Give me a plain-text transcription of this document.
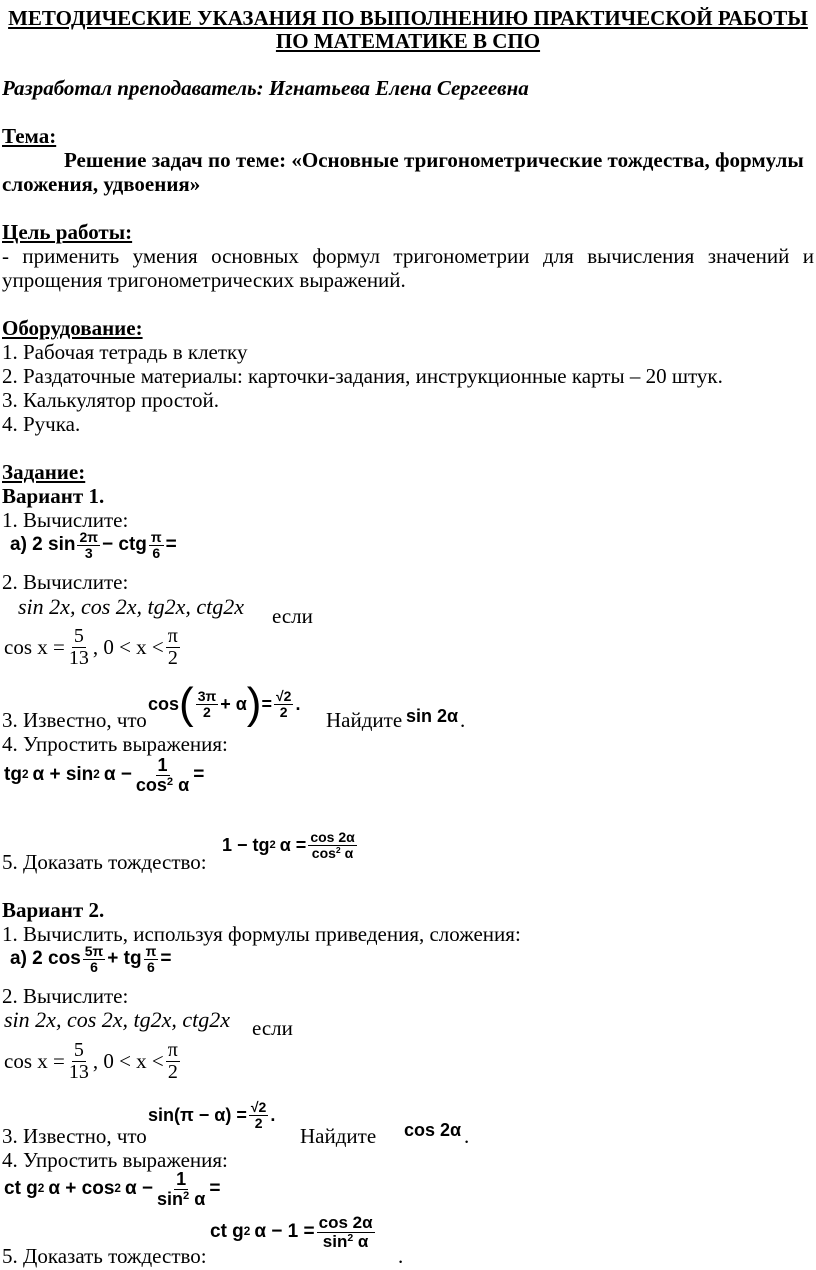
МЕТОДИЧЕСКИЕ УКАЗАНИЯ ПО ВЫПОЛНЕНИЮ ПРАКТИЧЕСКОЙ РАБОТЫ
ПО МАТЕМАТИКЕ В СПО
Разработал преподаватель: Игнатьева Елена Сергеевна
Тема:
Решение задач по теме: «Основные тригонометрические тождества, формулы
сложения, удвоения»
Цель работы:
- применить умения основных формул тригонометрии для вычисления значений и
упрощения тригонометрических выражений.
Оборудование:
1. Рабочая тетрадь в клетку
2. Раздаточные материалы: карточки-задания, инструкционные карты – 20 штук.
3. Калькулятор простой.
4. Ручка.
Задание:
Вариант 1.
1. Вычислите:
а) 2 $\sin \frac{2\pi}{3}$ − ctg $\frac{\pi}{6}$ =
2. Вычислите:
sin 2x, cos 2x, tg2x, ctg2x если
$\cos x = \frac{5}{13}$ , $0 < x < \frac{\pi}{2}$
3. Известно, что
cos ( $\frac{3\pi}{2} + \alpha$ ) = $\frac{√2}{2}$ .
Найдите sin 2α .
4. Упростить выражения:
tg 2 α + sin 2 $\alpha - \frac{1}{\cos^2 \alpha}$ =
5. Доказать тождество:
1 − tg 2 $\alpha = \frac{\cos 2\alpha}{\cos^2 \alpha}$
Вариант 2.
1. Вычислить, используя формулы приведения, сложения:
а) 2 $\cos \frac{5\pi}{6}$ + tg $\frac{\pi}{6}$ =
2. Вычислите:
sin 2x, cos 2x, tg2x, ctg2x если
$\cos x = \frac{5}{13}$ , $0 < x < \frac{\pi}{2}$
3. Известно, что
$\sin(\pi - \alpha) = \frac{√2}{2}$ .
Найдите cos 2α .
4. Упростить выражения:
ct g 2 α + cos 2 $\alpha - \frac{1}{\sin^2 \alpha}$ =
5. Доказать тождество:
ct g 2 $\alpha - 1 = \frac{\cos 2\alpha}{\sin^2 \alpha}$
.
